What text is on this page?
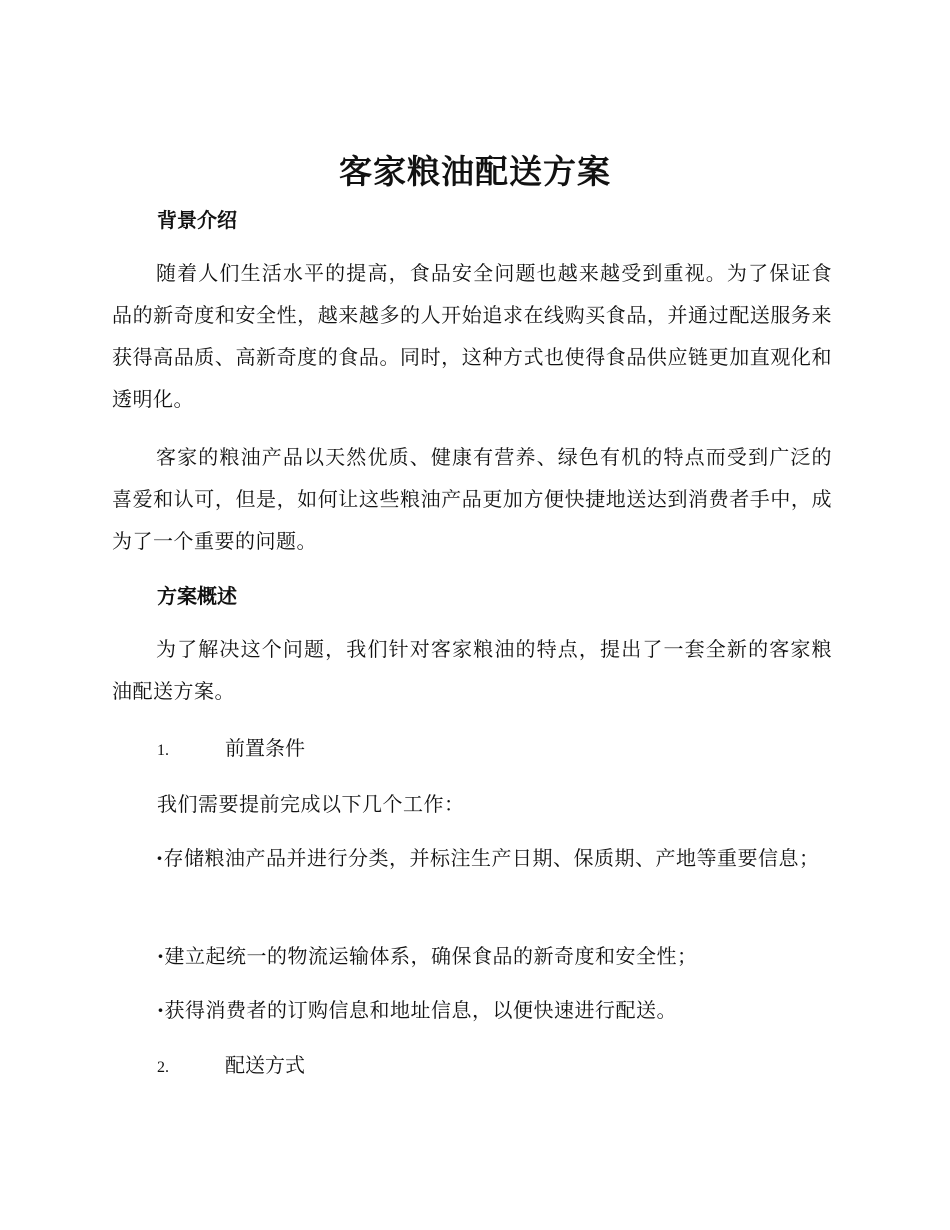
客家粮油配送方案
背景介绍
随着人们生活水平的提高，食品安全问题也越来越受到重视。为了保证食品的新奇度和安全性，越来越多的人开始追求在线购买食品，并通过配送服务来获得高品质、高新奇度的食品。同时，这种方式也使得食品供应链更加直观化和透明化。
客家的粮油产品以天然优质、健康有营养、绿色有机的特点而受到广泛的喜爱和认可，但是，如何让这些粮油产品更加方便快捷地送达到消费者手中，成为了一个重要的问题。
方案概述
为了解决这个问题，我们针对客家粮油的特点，提出了一套全新的客家粮油配送方案。
1.	前置条件
我们需要提前完成以下几个工作：
·存储粮油产品并进行分类，并标注生产日期、保质期、产地等重要信息；
·建立起统一的物流运输体系，确保食品的新奇度和安全性；
·获得消费者的订购信息和地址信息，以便快速进行配送。
2.	配送方式
